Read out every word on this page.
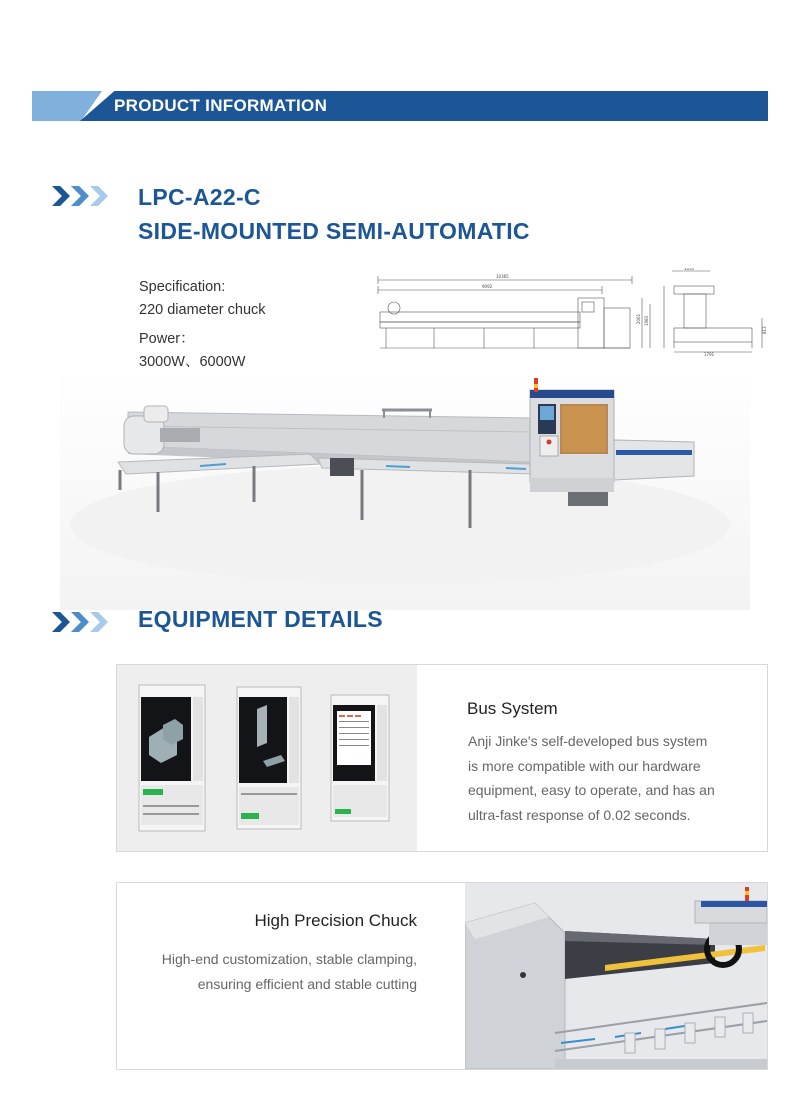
PRODUCT INFORMATION
LPC-A22-C
SIDE-MOUNTED SEMI-AUTOMATIC
Specification:
220 diameter chuck
Power：
3000W、6000W
10365
9092
2061 1983
1051
1791
813
EQUIPMENT DETAILS
Bus System
Anji Jinke's self-developed bus system
is more compatible with our hardware
equipment, easy to operate, and has an
ultra-fast response of 0.02 seconds.
High Precision Chuck
High-end customization, stable clamping,
ensuring efficient and stable cutting
